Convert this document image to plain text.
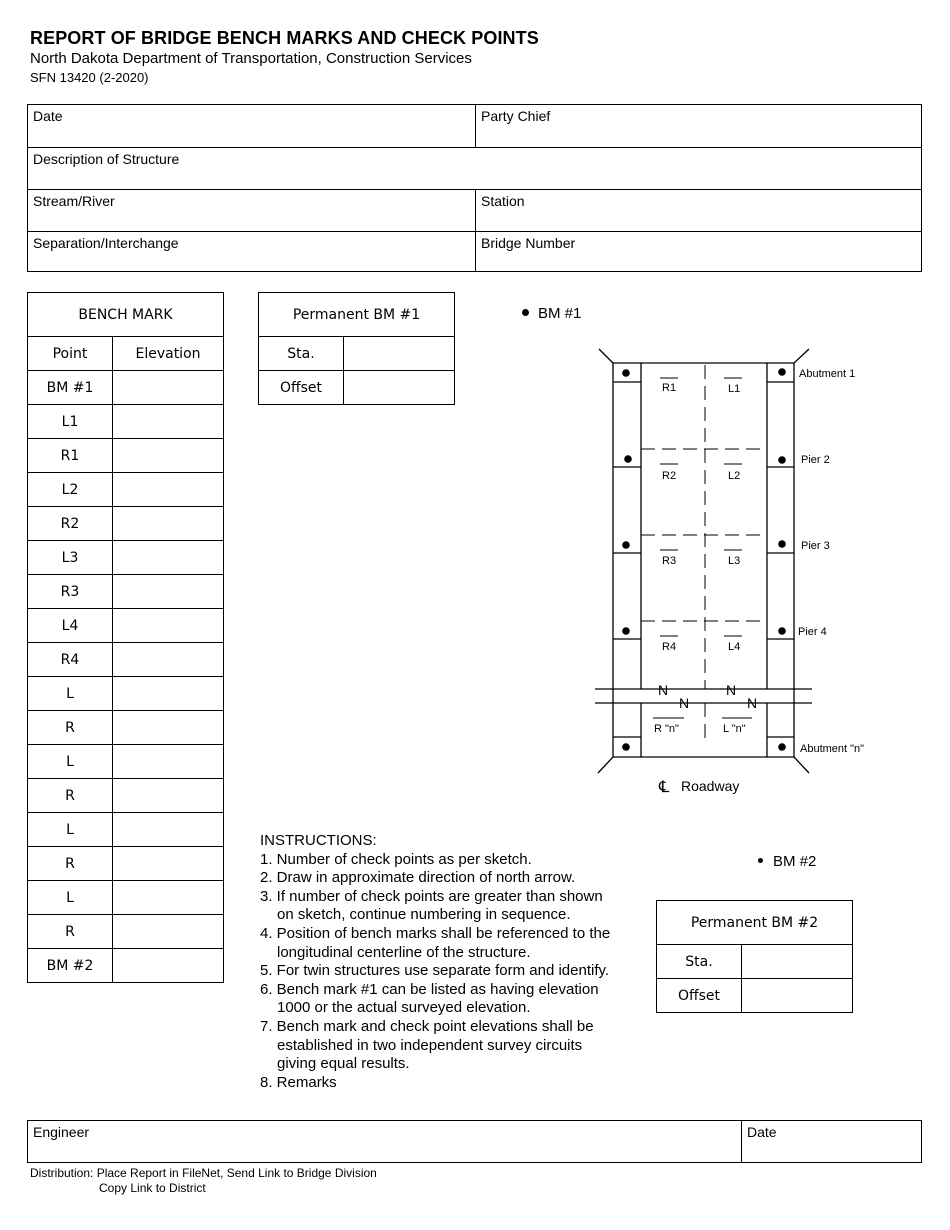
REPORT OF BRIDGE BENCH MARKS AND CHECK POINTS
North Dakota Department of Transportation, Construction Services
SFN 13420 (2-2020)
Date	Party Chief
Description of Structure
Stream/River	Station
Separation/Interchange	Bridge Number
BENCH MARK	
Point	Elevation
BM #1	
L1	
R1	
L2	
R2	
L3	
R3	
L4	
R4	
L	
R	
L	
R	
L	
R	
L	
R	
BM #2	
Permanent BM #1	
Sta.	
Offset	
BM #1
R1	L1
R2	L2
R3	L3
R4	L4
R "n"	L "n"
Abutment 1
Pier 2
Pier 3
Pier 4
Abutment "n"
N
N
N
N
℄ Roadway
INSTRUCTIONS:
1. Number of check points as per sketch.
2. Draw in approximate direction of north arrow.
3. If number of check points are greater than shown on sketch, continue numbering in sequence.
4. Position of bench marks shall be referenced to the longitudinal centerline of the structure.
5. For twin structures use separate form and identify.
6. Bench mark #1 can be listed as having elevation 1000 or the actual surveyed elevation.
7. Bench mark and check point elevations shall be established in two independent survey circuits giving equal results.
8. Remarks
BM #2
Permanent BM #2	
Sta.	
Offset	
Engineer	Date
Distribution: Place Report in FileNet, Send Link to Bridge Division
Copy Link to District
